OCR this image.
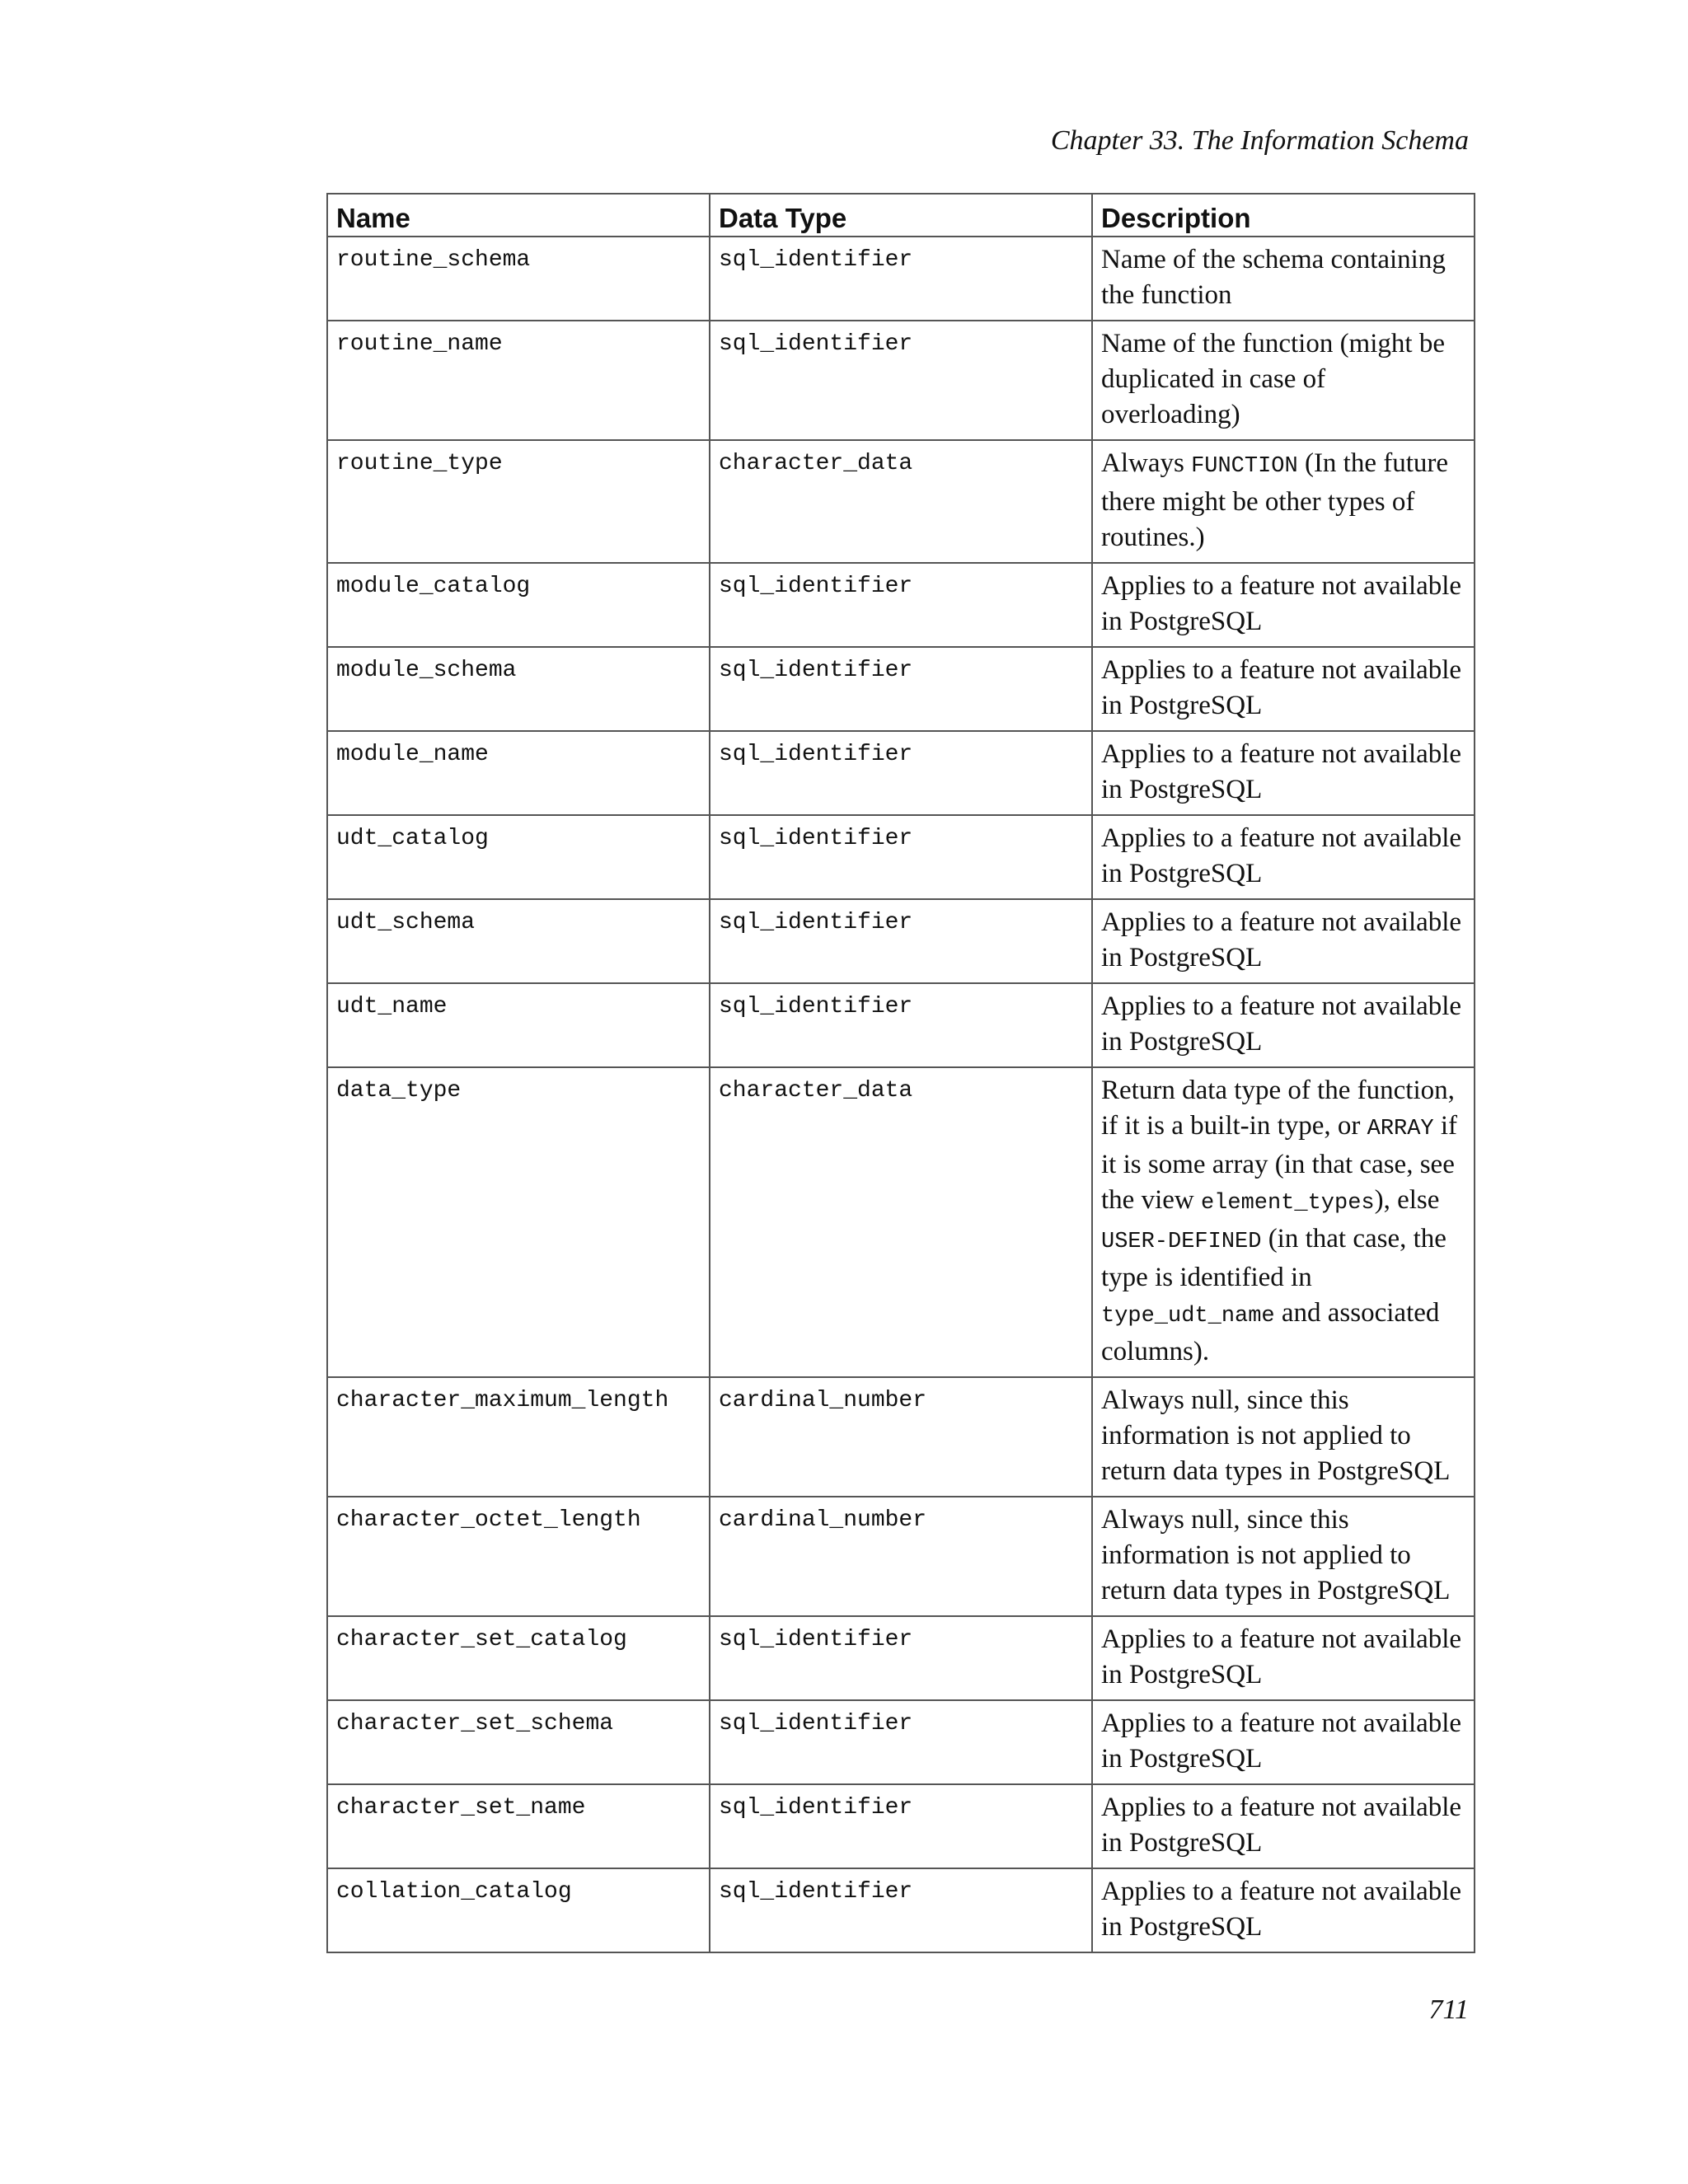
Chapter 33. The Information Schema
Name	Data Type	Description
routine_schema	sql_identifier	Name of the schema containing the function
routine_name	sql_identifier	Name of the function (might be duplicated in case of overloading)
routine_type	character_data	Always FUNCTION (In the future there might be other types of routines.)
module_catalog	sql_identifier	Applies to a feature not available in PostgreSQL
module_schema	sql_identifier	Applies to a feature not available in PostgreSQL
module_name	sql_identifier	Applies to a feature not available in PostgreSQL
udt_catalog	sql_identifier	Applies to a feature not available in PostgreSQL
udt_schema	sql_identifier	Applies to a feature not available in PostgreSQL
udt_name	sql_identifier	Applies to a feature not available in PostgreSQL
data_type	character_data	Return data type of the function, if it is a built-in type, or ARRAY if it is some array (in that case, see the view element_types), else USER-DEFINED (in that case, the type is identified in type_udt_name and associated columns).
character_maximum_length	cardinal_number	Always null, since this information is not applied to return data types in PostgreSQL
character_octet_length	cardinal_number	Always null, since this information is not applied to return data types in PostgreSQL
character_set_catalog	sql_identifier	Applies to a feature not available in PostgreSQL
character_set_schema	sql_identifier	Applies to a feature not available in PostgreSQL
character_set_name	sql_identifier	Applies to a feature not available in PostgreSQL
collation_catalog	sql_identifier	Applies to a feature not available in PostgreSQL
711
